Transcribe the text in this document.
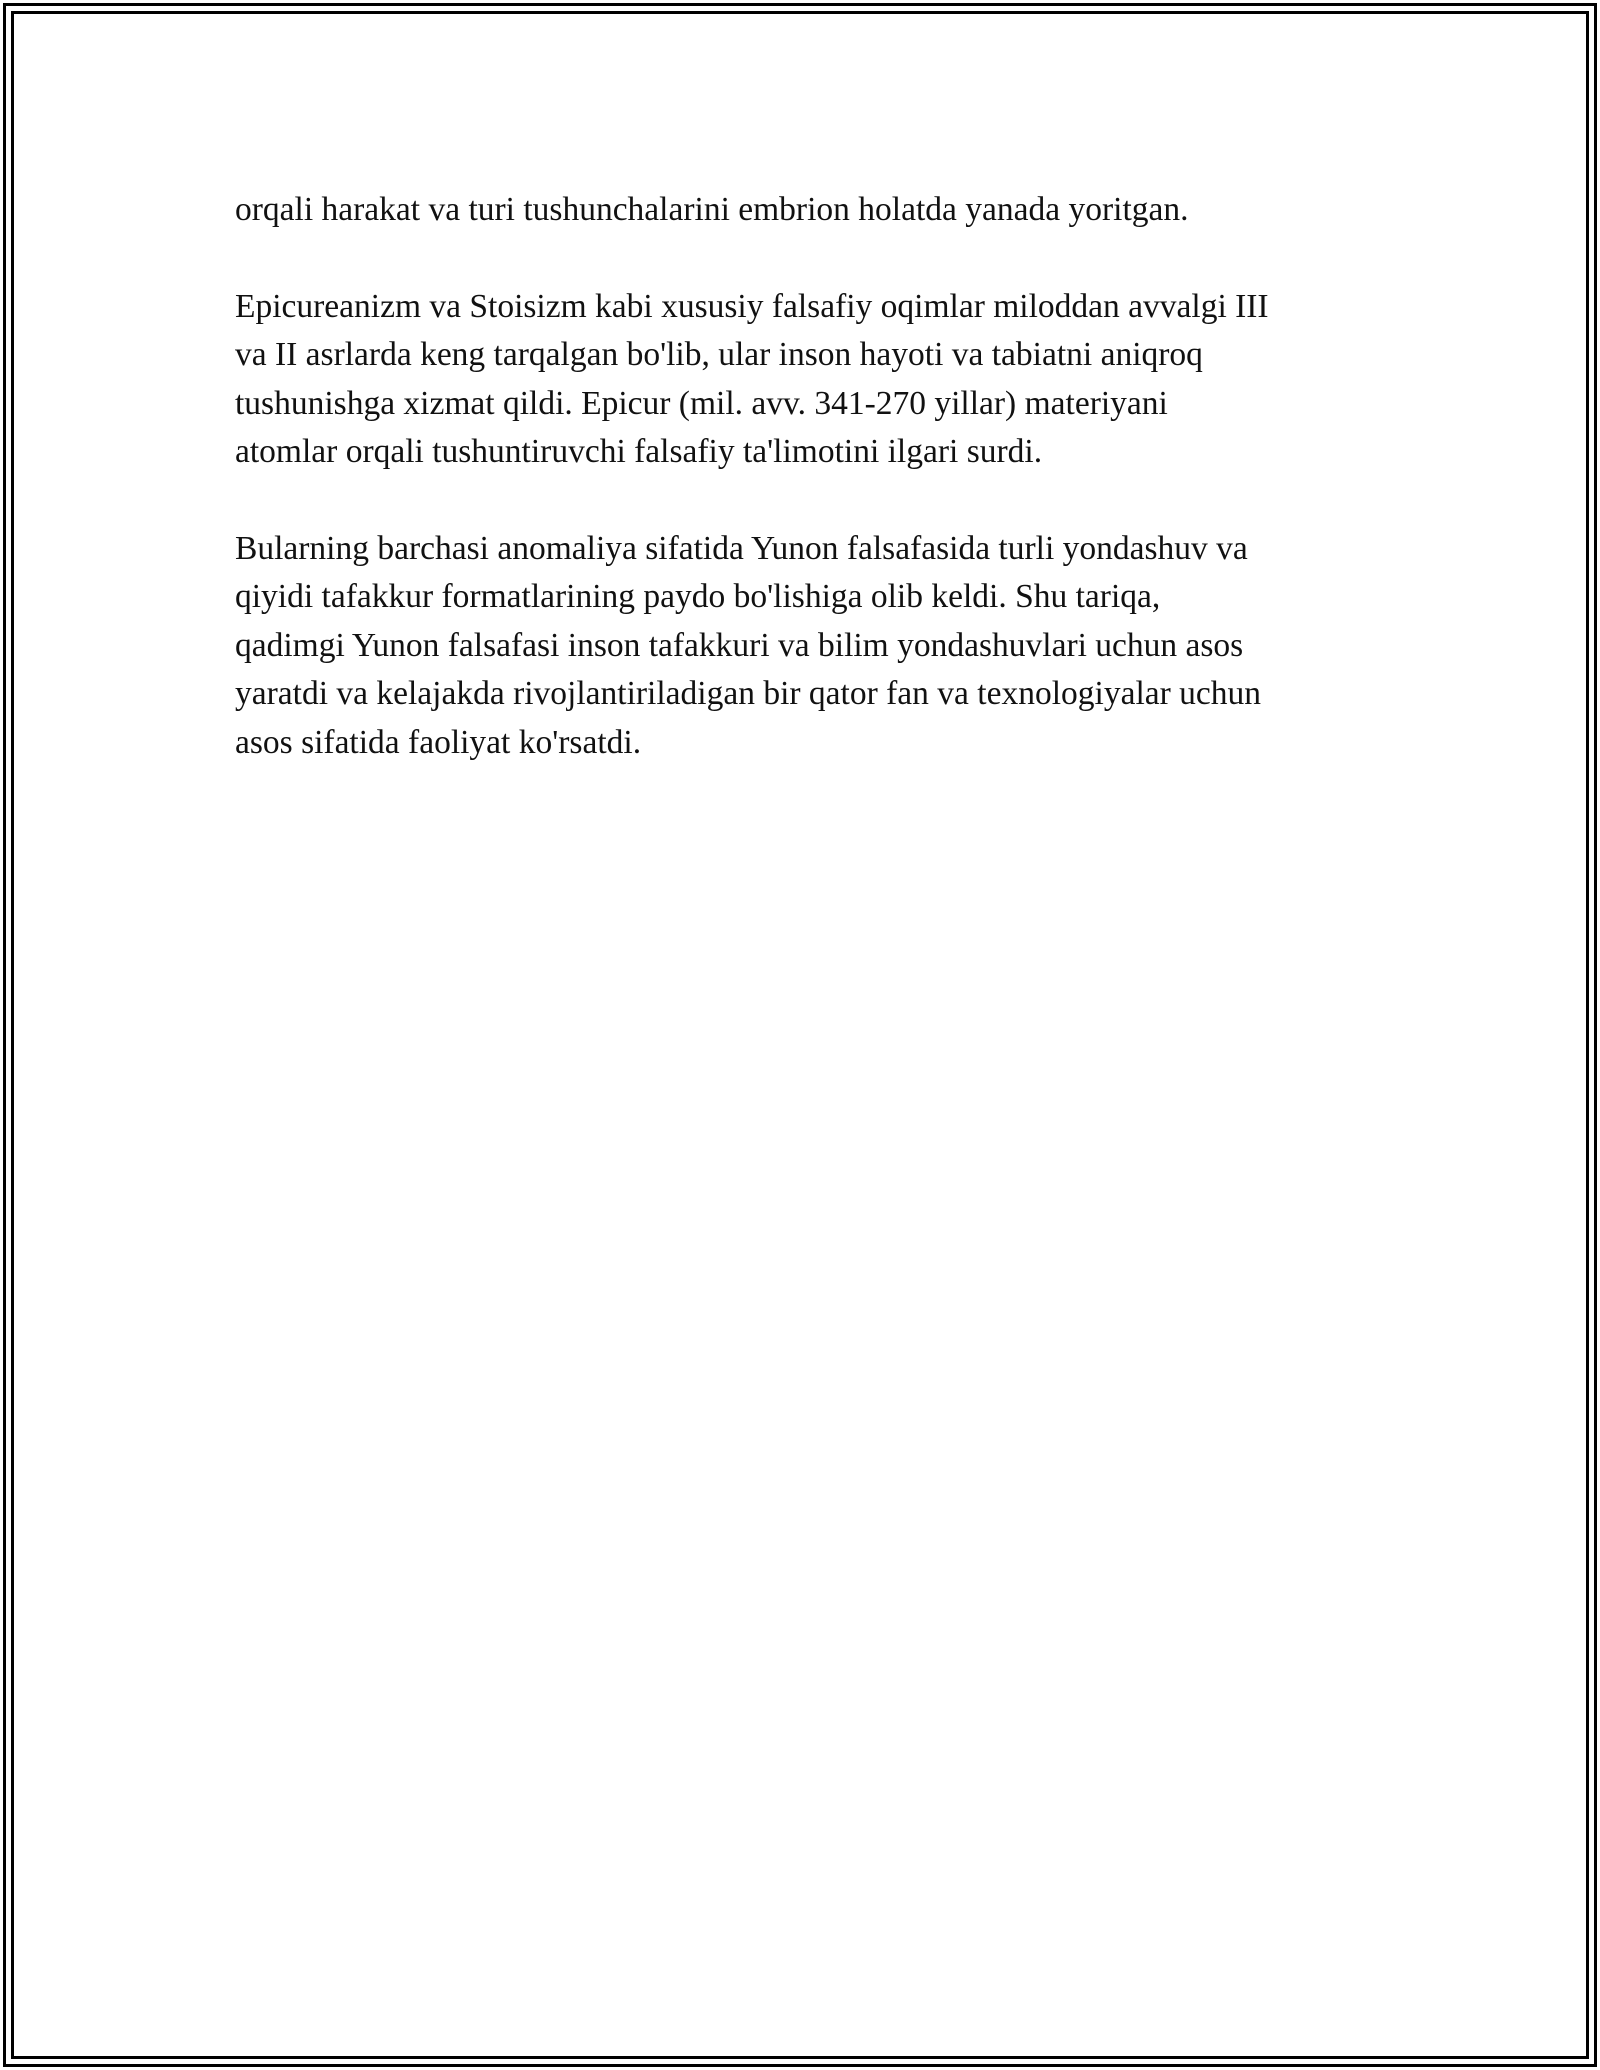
orqali harakat va turi tushunchalarini embrion holatda yanada yoritgan.

Epicureanizm va Stoisizm kabi xususiy falsafiy oqimlar miloddan avvalgi III
va II asrlarda keng tarqalgan bo'lib, ular inson hayoti va tabiatni aniqroq
tushunishga xizmat qildi. Epicur (mil. avv. 341-270 yillar) materiyani
atomlar orqali tushuntiruvchi falsafiy ta'limotini ilgari surdi.

Bularning barchasi anomaliya sifatida Yunon falsafasida turli yondashuv va
qiyidi tafakkur formatlarining paydo bo'lishiga olib keldi. Shu tariqa,
qadimgi Yunon falsafasi inson tafakkuri va bilim yondashuvlari uchun asos
yaratdi va kelajakda rivojlantiriladigan bir qator fan va texnologiyalar uchun
asos sifatida faoliyat ko'rsatdi.
